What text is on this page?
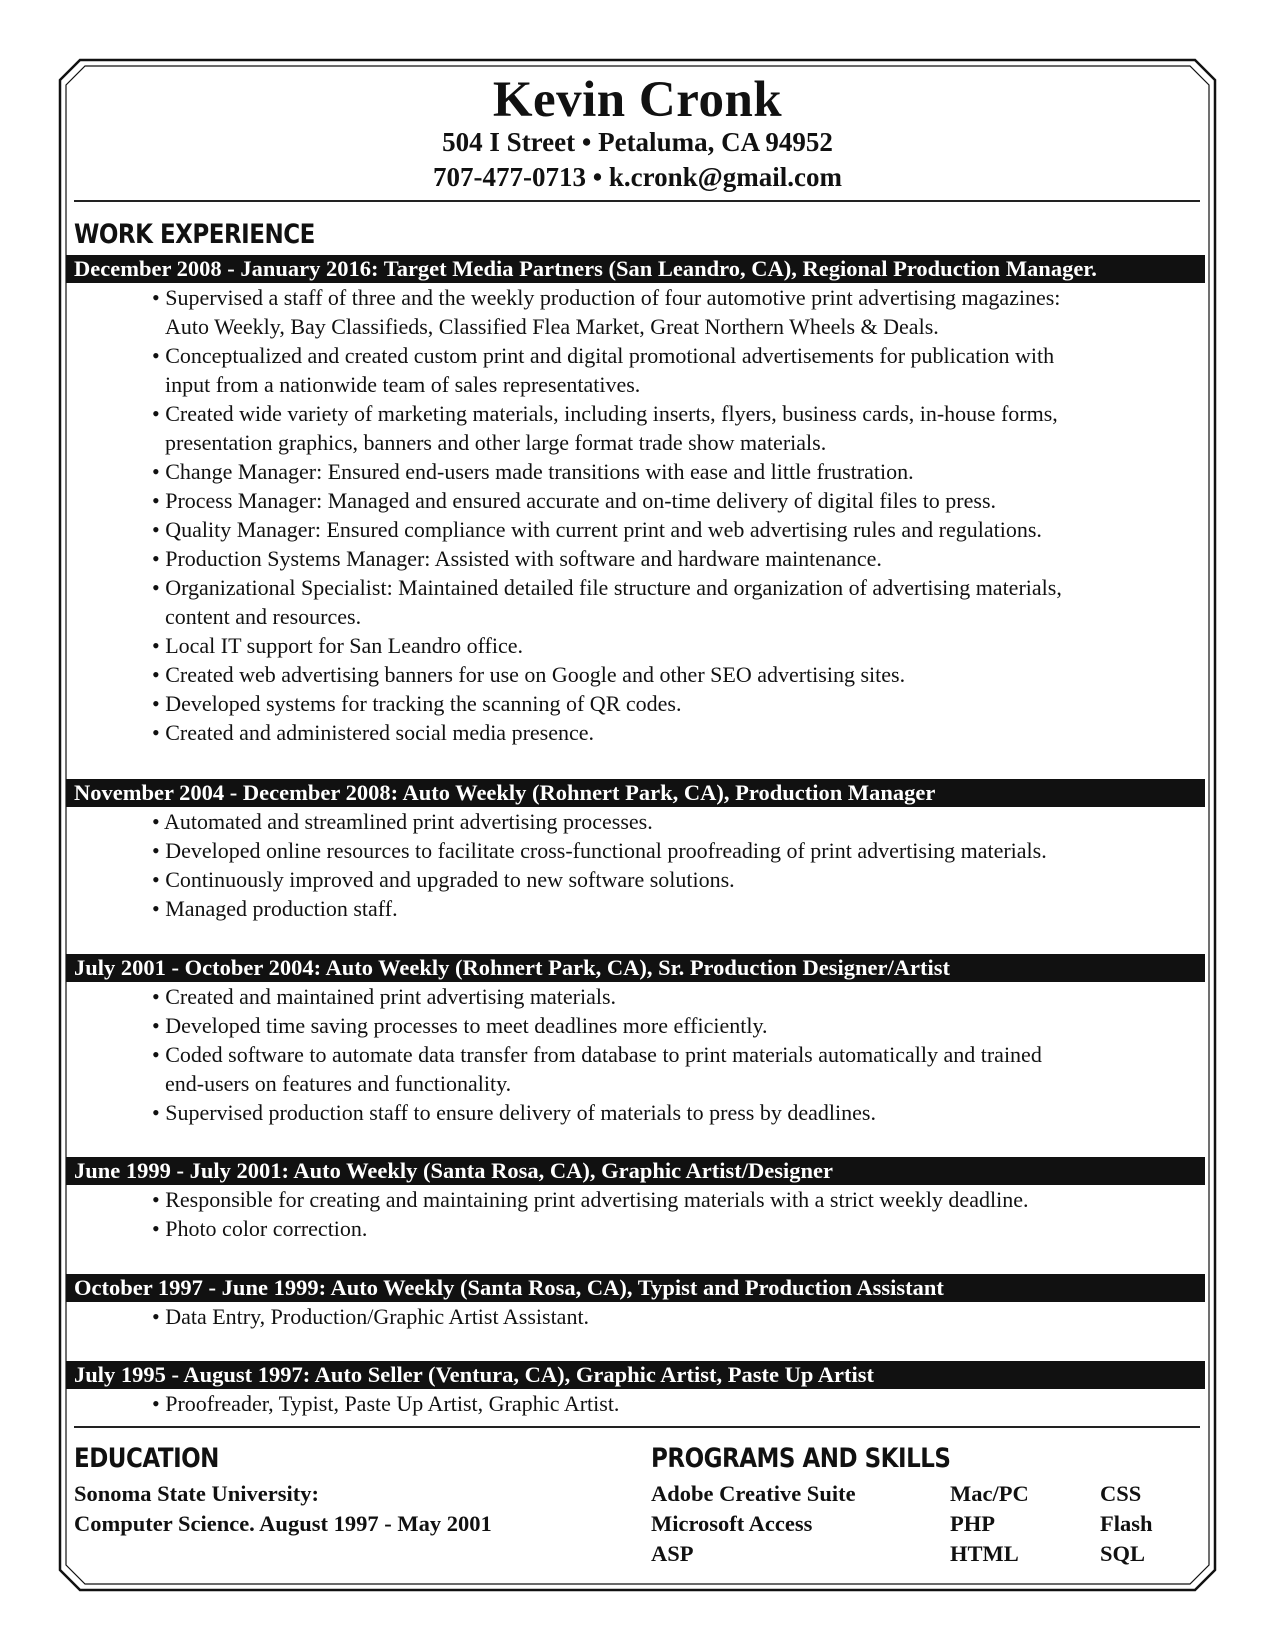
Kevin Cronk
504 I Street • Petaluma, CA 94952
707-477-0713 • k.cronk@gmail.com
WORK EXPERIENCE
December 2008 - January 2016: Target Media Partners (San Leandro, CA), Regional Production Manager.
• Supervised a staff of three and the weekly production of four automotive print advertising magazines:
Auto Weekly, Bay Classifieds, Classified Flea Market, Great Northern Wheels & Deals.
• Conceptualized and created custom print and digital promotional advertisements for publication with
input from a nationwide team of sales representatives.
• Created wide variety of marketing materials, including inserts, flyers, business cards, in-house forms,
presentation graphics, banners and other large format trade show materials.
• Change Manager: Ensured end-users made transitions with ease and little frustration.
• Process Manager: Managed and ensured accurate and on-time delivery of digital files to press.
• Quality Manager: Ensured compliance with current print and web advertising rules and regulations.
• Production Systems Manager: Assisted with software and hardware maintenance.
• Organizational Specialist: Maintained detailed file structure and organization of advertising materials,
content and resources.
• Local IT support for San Leandro office.
• Created web advertising banners for use on Google and other SEO advertising sites.
• Developed systems for tracking the scanning of QR codes.
• Created and administered social media presence.
November 2004 - December 2008: Auto Weekly (Rohnert Park, CA), Production Manager
• Automated and streamlined print advertising processes.
• Developed online resources to facilitate cross-functional proofreading of print advertising materials.
• Continuously improved and upgraded to new software solutions.
• Managed production staff.
July 2001 - October 2004: Auto Weekly (Rohnert Park, CA), Sr. Production Designer/Artist
• Created and maintained print advertising materials.
• Developed time saving processes to meet deadlines more efficiently.
• Coded software to automate data transfer from database to print materials automatically and trained
end-users on features and functionality.
• Supervised production staff to ensure delivery of materials to press by deadlines.
June 1999 - July 2001: Auto Weekly (Santa Rosa, CA), Graphic Artist/Designer
• Responsible for creating and maintaining print advertising materials with a strict weekly deadline.
• Photo color correction.
October 1997 - June 1999: Auto Weekly (Santa Rosa, CA), Typist and Production Assistant
• Data Entry, Production/Graphic Artist Assistant.
July 1995 - August 1997: Auto Seller (Ventura, CA), Graphic Artist, Paste Up Artist
• Proofreader, Typist, Paste Up Artist, Graphic Artist.
EDUCATION
Sonoma State University:
Computer Science. August 1997 - May 2001
PROGRAMS AND SKILLS
Adobe Creative Suite
Microsoft Access
ASP
Mac/PC
PHP
HTML
CSS
Flash
SQL
